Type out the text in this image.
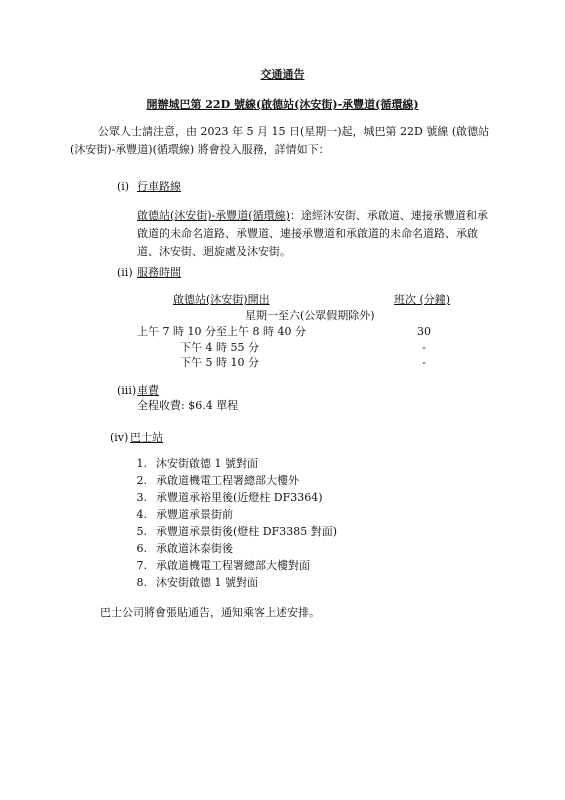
交通通告
開辦城巴第 22D 號線(啟德站(沐安街)-承豐道(循環線)
公眾人士請注意，由 2023 年 5 月 15 日(星期一)起，城巴第 22D 號線 (啟德站(沐安街)-承豐道)(循環線) 將會投入服務，詳情如下：
(i) 行車路線
啟德站(沐安街)-承豐道(循環線)：途經沐安街、承啟道、連接承豐道和承啟道的未命名道路、承豐道、連接承豐道和承啟道的未命名道路、承啟道、沐安街、迴旋處及沐安街。
(ii) 服務時間
啟德站(沐安街)開出	班次 (分鐘)
星期一至六(公眾假期除外)
上午 7 時 10 分至上午 8 時 40 分	30
下午 4 時 55 分	-
下午 5 時 10 分	-
(iii) 車費
全程收費: $6.4 單程
(iv) 巴士站
1. 沐安街啟德 1 號對面
2. 承啟道機電工程署總部大樓外
3. 承豐道承裕里後(近燈柱 DF3364)
4. 承豐道承景街前
5. 承豐道承景街後(燈柱 DF3385 對面)
6. 承啟道沐泰街後
7. 承啟道機電工程署總部大樓對面
8. 沐安街啟德 1 號對面
巴士公司將會張貼通告，通知乘客上述安排。
